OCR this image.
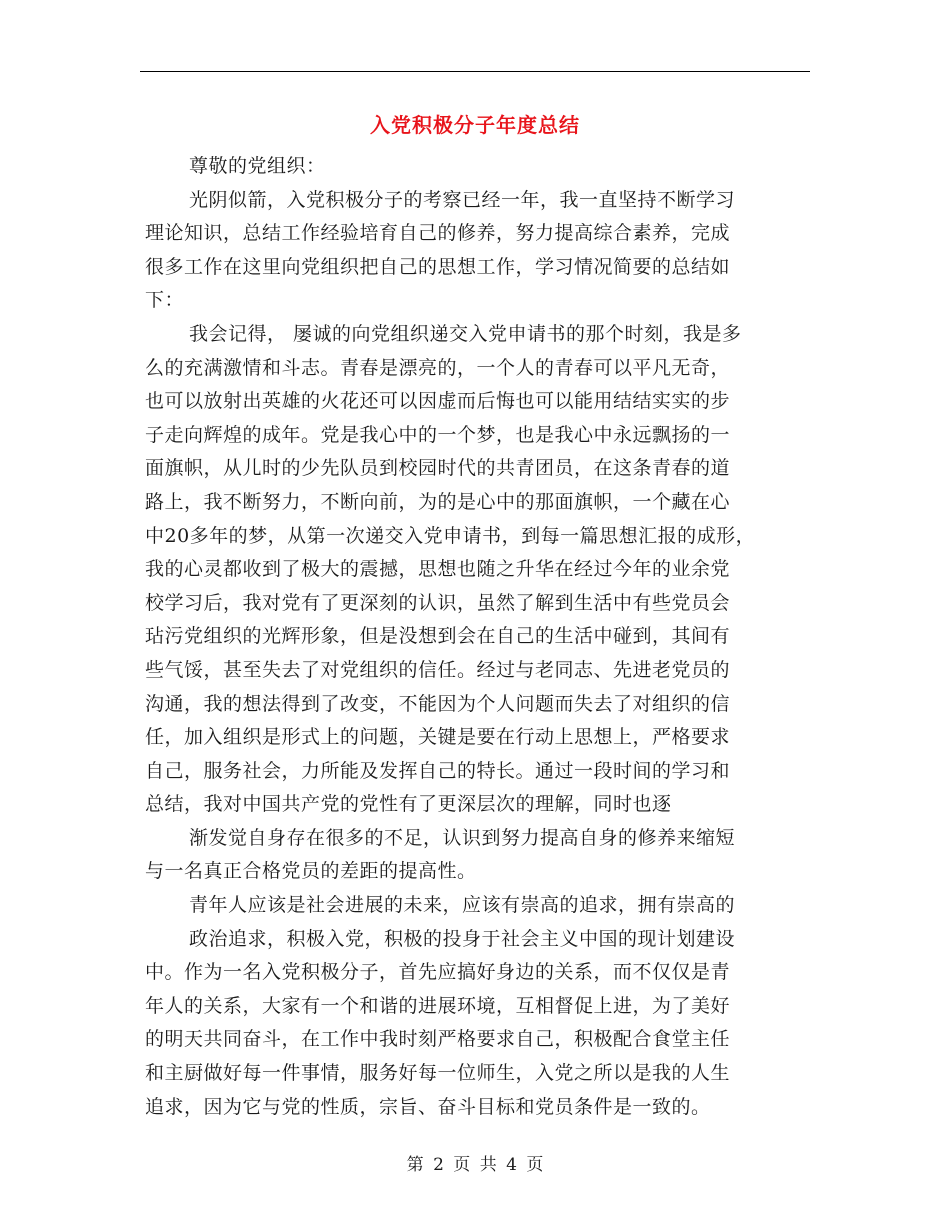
入党积极分子年度总结
尊敬的党组织：
光阴似箭，入党积极分子的考察已经一年，我一直坚持不断学习
理论知识，总结工作经验培育自己的修养，努力提高综合素养，完成
很多工作在这里向党组织把自己的思想工作，学习情况简要的总结如
下：
我会记得， 屡诚的向党组织递交入党申请书的那个时刻，我是多
么的充满激情和斗志。青春是漂亮的，一个人的青春可以平凡无奇，
也可以放射出英雄的火花还可以因虚而后悔也可以能用结结实实的步
子走向辉煌的成年。党是我心中的一个梦，也是我心中永远飘扬的一
面旗帜，从儿时的少先队员到校园时代的共青团员，在这条青春的道
路上，我不断努力，不断向前，为的是心中的那面旗帜，一个藏在心
中20多年的梦，从第一次递交入党申请书，到每一篇思想汇报的成形，
我的心灵都收到了极大的震撼，思想也随之升华在经过今年的业余党
校学习后，我对党有了更深刻的认识，虽然了解到生活中有些党员会
玷污党组织的光辉形象，但是没想到会在自己的生活中碰到，其间有
些气馁，甚至失去了对党组织的信任。经过与老同志、先进老党员的
沟通，我的想法得到了改变，不能因为个人问题而失去了对组织的信
任，加入组织是形式上的问题，关键是要在行动上思想上，严格要求
自己，服务社会，力所能及发挥自己的特长。通过一段时间的学习和
总结，我对中国共产党的党性有了更深层次的理解，同时也逐
渐发觉自身存在很多的不足，认识到努力提高自身的修养来缩短
与一名真正合格党员的差距的提高性。
青年人应该是社会进展的未来，应该有崇高的追求，拥有崇高的
政治追求，积极入党，积极的投身于社会主义中国的现计划建设
中。作为一名入党积极分子，首先应搞好身边的关系，而不仅仅是青
年人的关系，大家有一个和谐的进展环境，互相督促上进，为了美好
的明天共同奋斗，在工作中我时刻严格要求自己，积极配合食堂主任
和主厨做好每一件事情，服务好每一位师生，入党之所以是我的人生
追求，因为它与党的性质，宗旨、奋斗目标和党员条件是一致的。
第 2 页 共 4 页
